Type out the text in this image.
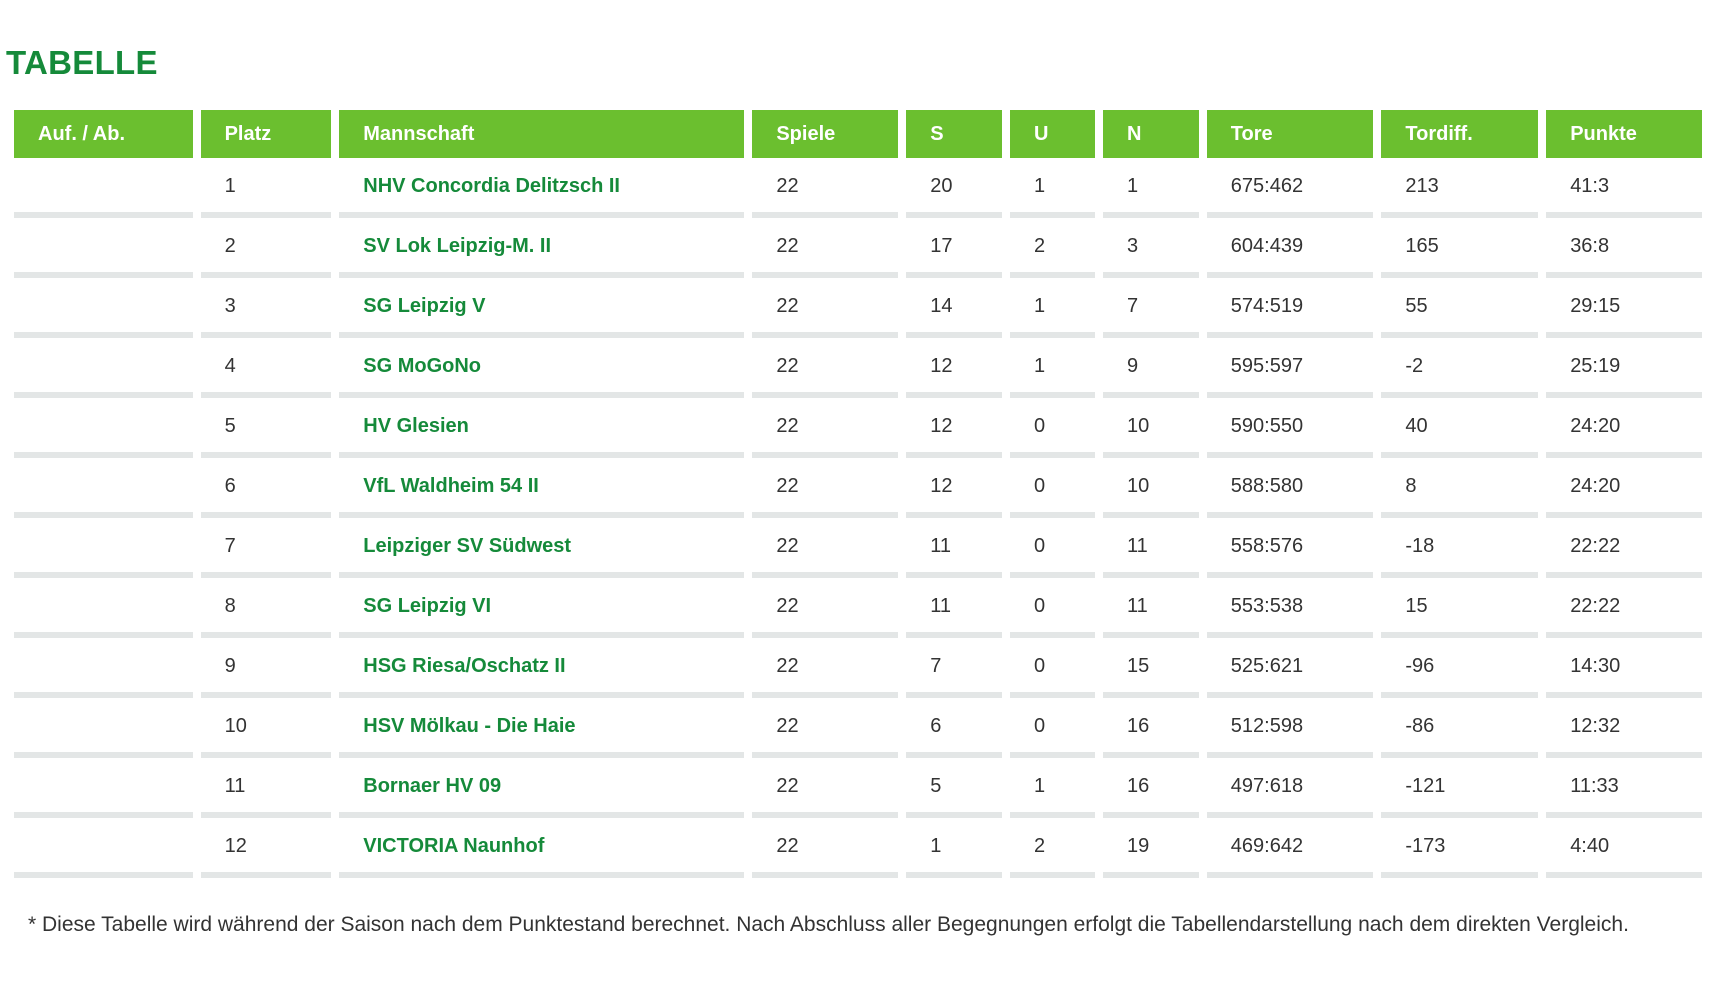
TABELLE
Auf. / Ab.	Platz	Mannschaft	Spiele	S	U	N	Tore	Tordiff.	Punkte
	1	NHV Concordia Delitzsch II	22	20	1	1	675:462	213	41:3
	2	SV Lok Leipzig-M. II	22	17	2	3	604:439	165	36:8
	3	SG Leipzig V	22	14	1	7	574:519	55	29:15
	4	SG MoGoNo	22	12	1	9	595:597	-2	25:19
	5	HV Glesien	22	12	0	10	590:550	40	24:20
	6	VfL Waldheim 54 II	22	12	0	10	588:580	8	24:20
	7	Leipziger SV Südwest	22	11	0	11	558:576	-18	22:22
	8	SG Leipzig VI	22	11	0	11	553:538	15	22:22
	9	HSG Riesa/Oschatz II	22	7	0	15	525:621	-96	14:30
	10	HSV Mölkau - Die Haie	22	6	0	16	512:598	-86	12:32
	11	Bornaer HV 09	22	5	1	16	497:618	-121	11:33
	12	VICTORIA Naunhof	22	1	2	19	469:642	-173	4:40

* Diese Tabelle wird während der Saison nach dem Punktestand berechnet. Nach Abschluss aller Begegnungen erfolgt die Tabellendarstellung nach dem direkten Vergleich.
